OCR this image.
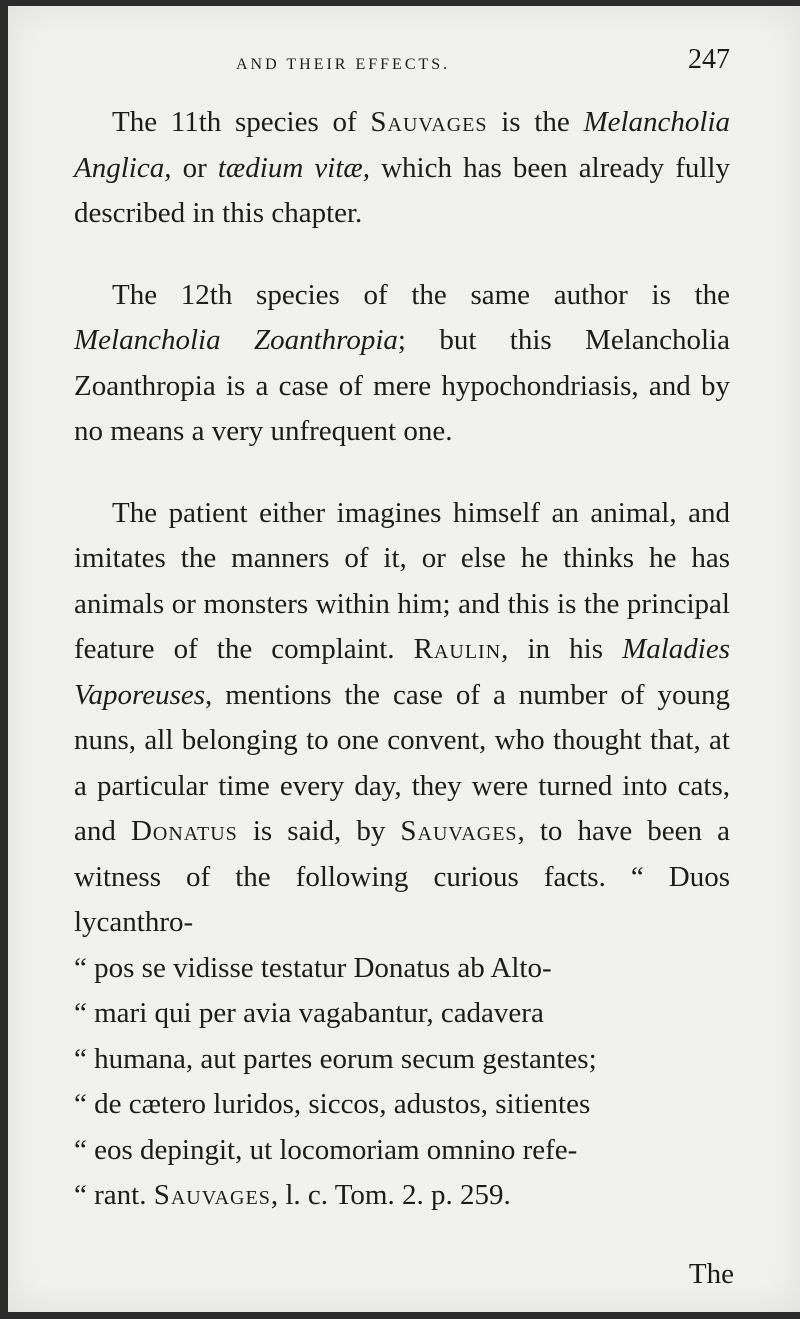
AND THEIR EFFECTS.	247

The 11th species of Sauvages is the Melancholia Anglica, or tædium vitæ, which has been already fully described in this chapter.

The 12th species of the same author is the Melancholia Zoanthropia; but this Melancholia Zoanthropia is a case of mere hypochondriasis, and by no means a very unfrequent one.

The patient either imagines himself an animal, and imitates the manners of it, or else he thinks he has animals or monsters within him; and this is the principal feature of the complaint. Raulin, in his Maladies Vaporeuses, mentions the case of a number of young nuns, all belonging to one convent, who thought that, at a particular time every day, they were turned into cats, and Donatus is said, by Sauvages, to have been a witness of the following curious facts. “ Duos lycanthro-
“ pos se vidisse testatur Donatus ab Alto-
“ mari qui per avia vagabantur, cadavera
“ humana, aut partes eorum secum gestantes;
“ de cætero luridos, siccos, adustos, sitientes
“ eos depingit, ut locomoriam omnino refe-
“ rant. Sauvages, l. c. Tom. 2. p. 259.

The
